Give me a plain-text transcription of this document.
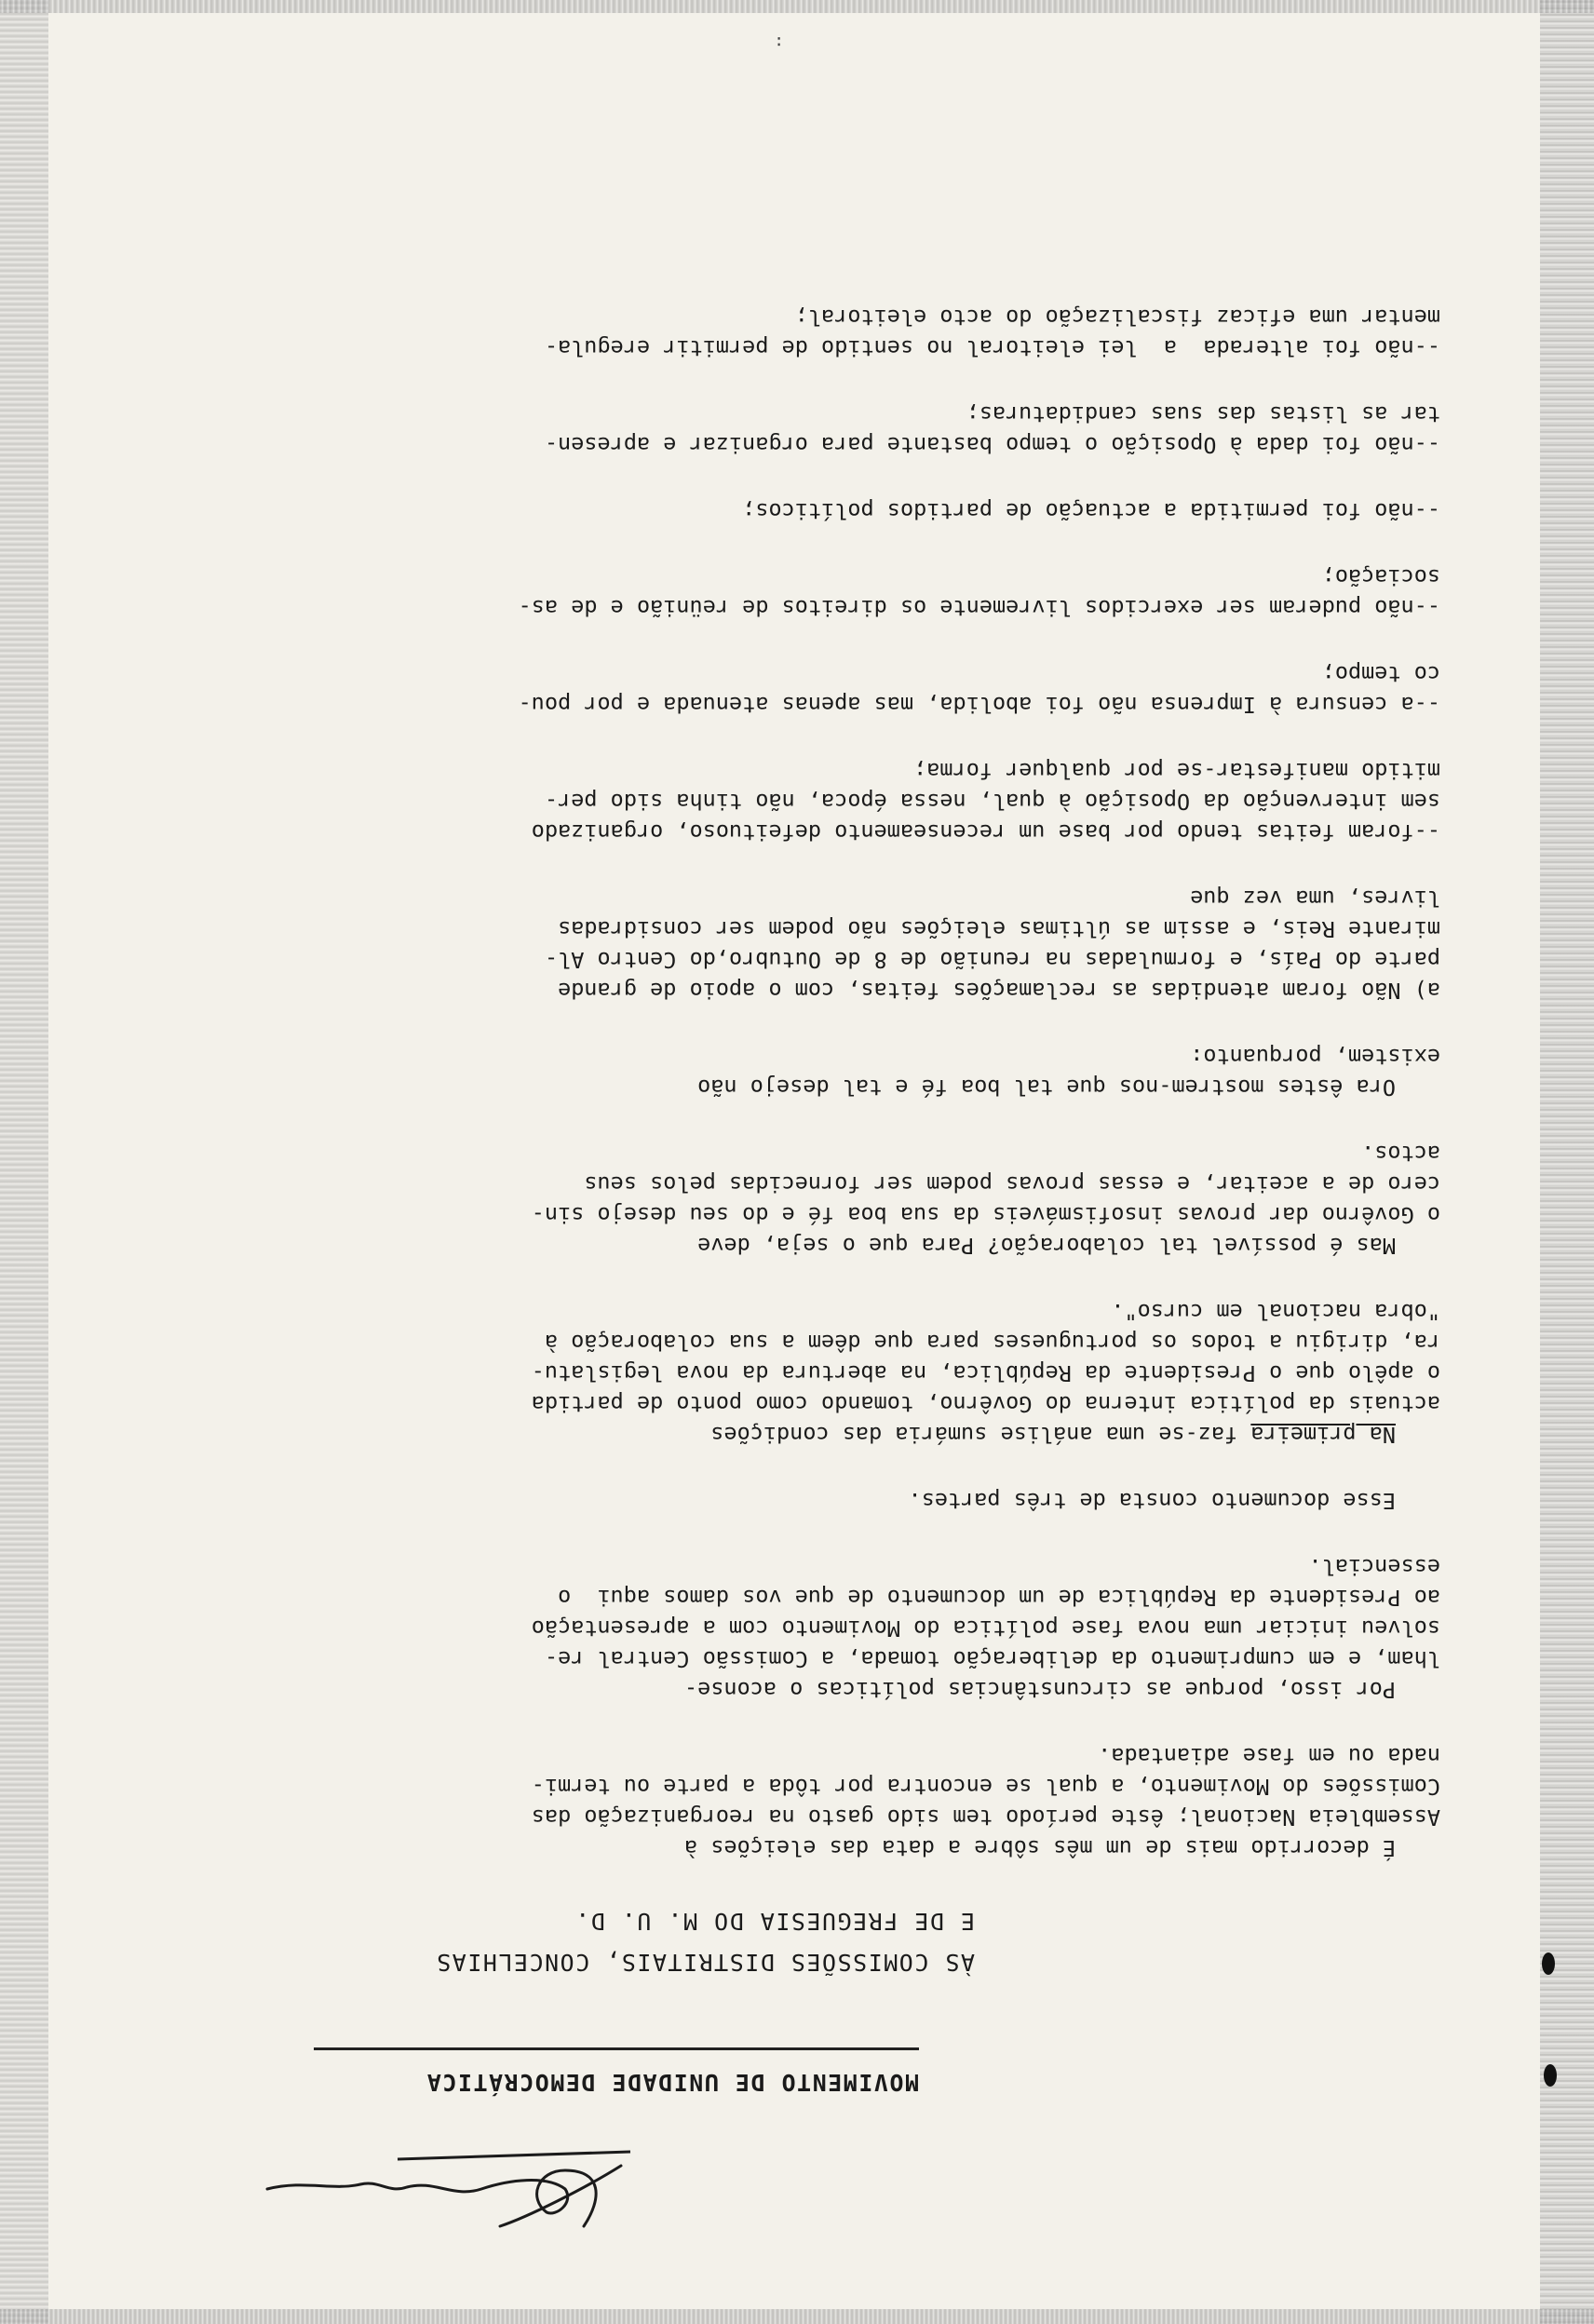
MOVIMENTO DE UNIDADE DEMOCRÁTICA
ÀS COMISSÕES DISTRITAIS, CONCELHIAS
E DE FREGUESIA DO M. U. D.

É decorrido mais de um mês sôbre a data das eleições à

Assembleia Nacional; êste período tem sido gasto na reorganização das

Comissões do Movimento, a qual se encontra por tôda a parte ou termi-

nada ou em fase adiantada.

Por isso, porque as circunstâncias políticas o aconse-

lham, e em cumprimento da deliberação tomada, a Comissão Central re-

solveu iniciar uma nova fase política do Movimento com a apresentação

ao Presidente da República de um documento de que vos damos aqui  o

essencial.

Esse documento consta de três partes.

Na primeira faz-se uma análise sumária das condições

actuais da política interna do Govêrno, tomando como ponto de partida

o apêlo que o Presidente da República, na abertura da nova legislatu-

ra, dirigiu a todos os portugueses para que dêem a sua colaboração à

"obra nacional em curso".

Mas é possível tal colaboração? Para que o seja, deve

o Govêrno dar provas insofismáveis da sua boa fé e do seu desejo sin-

cero de a aceitar, e essas provas podem ser fornecidas pelos seus

actos.

Ora êstes mostrem-nos que tal boa fé e tal desejo não

existem, porquanto:

a) Não foram atendidas as reclamações feitas, com o apoio de grande

parte do País, e formuladas na reunião de 8 de Outubro,do Centro Al-

mirante Reis, e assim as últimas eleições não podem ser considradas

livres, uma vez que

--foram feitas tendo por base um recenseamento defeituoso, organizado

sem intervenção da Oposição à qual, nessa época, não tinha sido per-

mitido manifestar-se por qualquer forma;

--a censura à Imprensa não foi abolida, mas apenas atenuada e por pou-

co tempo;

--não puderam ser exercidos livremente os direitos de reünião e de as-

sociação;

--não foi permitida a actuação de partidos políticos;

--não foi dada à Oposição o tempo bastante para organizar e apresen-

tar as listas das suas candidaturas;

--não foi alterada  a  lei eleitoral no sentido de permitir eregula-

mentar uma eficaz fiscalização do acto eleitoral;

:
